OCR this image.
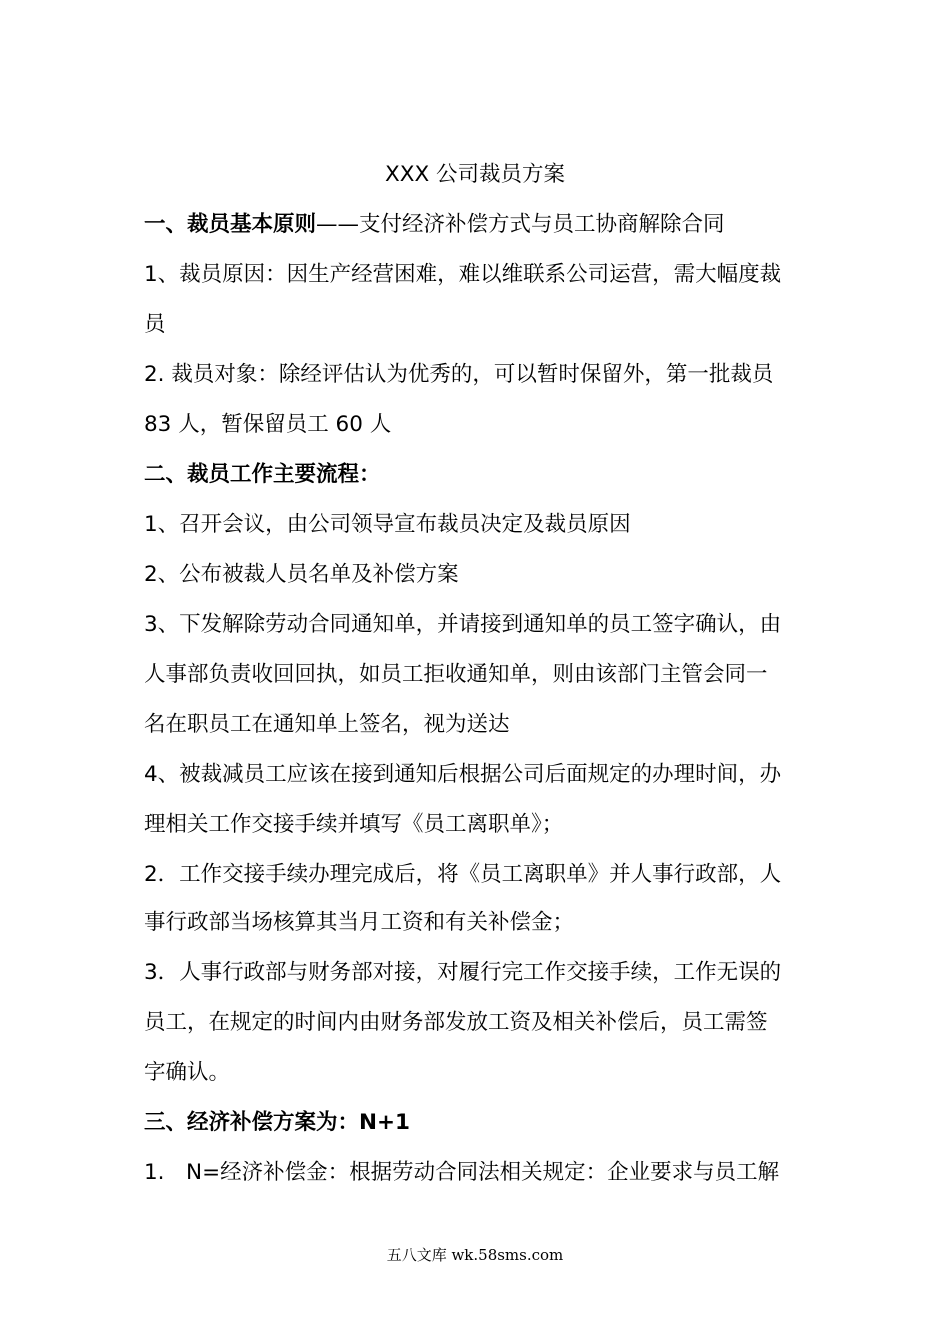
XXX 公司裁员方案
一、裁员基本原则——支付经济补偿方式与员工协商解除合同
1、裁员原因：因生产经营困难，难以维联系公司运营，需大幅度裁
员
2. 裁员对象：除经评估认为优秀的，可以暂时保留外，第一批裁员
83 人，暂保留员工 60 人
二、裁员工作主要流程：
1、召开会议，由公司领导宣布裁员决定及裁员原因
2、公布被裁人员名单及补偿方案
3、下发解除劳动合同通知单，并请接到通知单的员工签字确认，由
人事部负责收回回执，如员工拒收通知单，则由该部门主管会同一
名在职员工在通知单上签名，视为送达
4、被裁减员工应该在接到通知后根据公司后面规定的办理时间，办
理相关工作交接手续并填写《员工离职单》；
2．工作交接手续办理完成后，将《员工离职单》并人事行政部，人
事行政部当场核算其当月工资和有关补偿金；
3．人事行政部与财务部对接，对履行完工作交接手续，工作无误的
员工，在规定的时间内由财务部发放工资及相关补偿后，员工需签
字确认。
三、经济补偿方案为：N+1
1.　N=经济补偿金：根据劳动合同法相关规定：企业要求与员工解
五八文库 wk.58sms.com
